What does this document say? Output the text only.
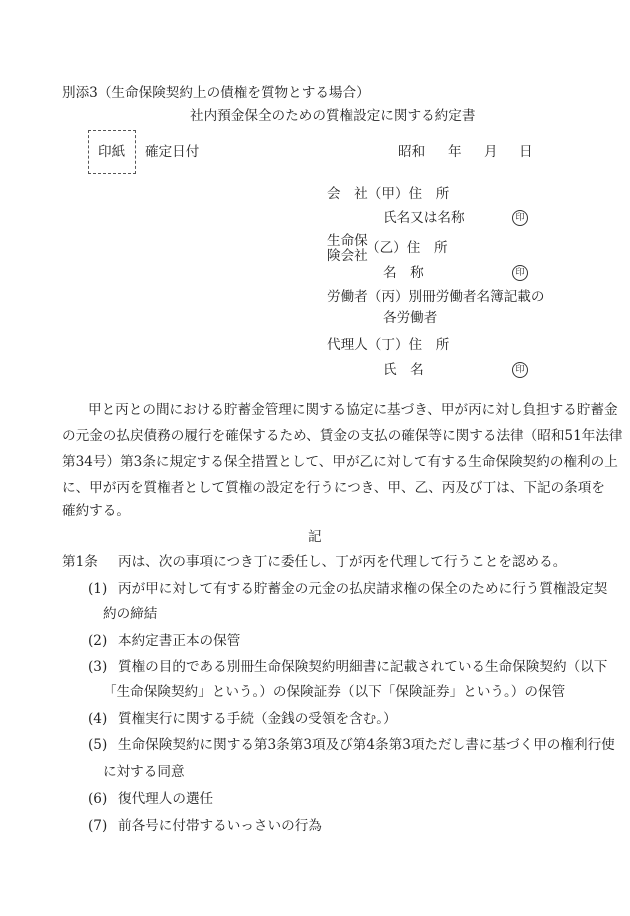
別添3（生命保険契約上の債権を質物とする場合）
社内預金保全のための質権設定に関する約定書
印紙 確定日付	昭和 年 月 日
会　社（甲）住　所
氏名又は名称	印
生命保
険会社
（乙）住　所
名　称	印
労働者（丙）別冊労働者名簿記載の
各労働者
代理人（丁）住　所
氏　名	印
甲と丙との間における貯蓄金管理に関する協定に基づき、甲が丙に対し負担する貯蓄金
の元金の払戻債務の履行を確保するため、賃金の支払の確保等に関する法律（昭和51年法律
第34号）第3条に規定する保全措置として、甲が乙に対して有する生命保険契約の権利の上
に、甲が丙を質権者として質権の設定を行うにつき、甲、乙、丙及び丁は、下記の条項を
確約する。
記
第1条 丙は、次の事項につき丁に委任し、丁が丙を代理して行うことを認める。
(1) 丙が甲に対して有する貯蓄金の元金の払戻請求権の保全のために行う質権設定契
約の締結
(2) 本約定書正本の保管
(3) 質権の目的である別冊生命保険契約明細書に記載されている生命保険契約（以下
「生命保険契約」という。）の保険証券（以下「保険証券」という。）の保管
(4) 質権実行に関する手続（金銭の受領を含む。）
(5) 生命保険契約に関する第3条第3項及び第4条第3項ただし書に基づく甲の権利行使
に対する同意
(6) 復代理人の選任
(7) 前各号に付帯するいっさいの行為
